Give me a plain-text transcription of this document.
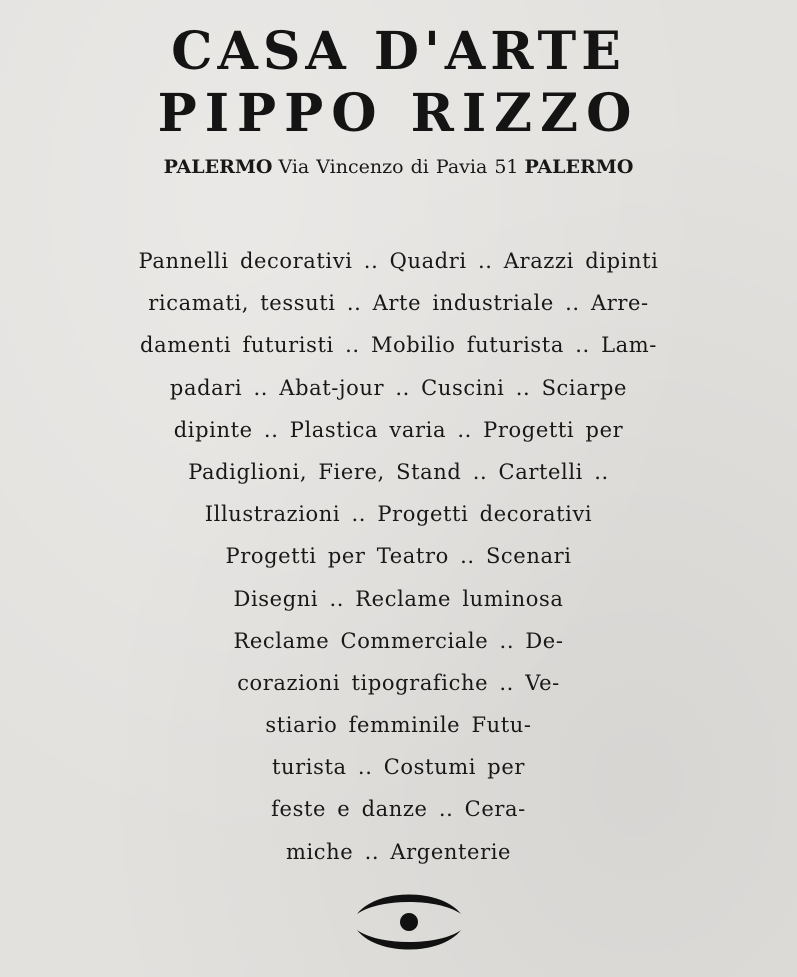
CASA D'ARTE
PIPPO RIZZO
PALERMO Via Vincenzo di Pavia 51 PALERMO
Pannelli decorativi .. Quadri .. Arazzi dipinti
ricamati, tessuti .. Arte industriale .. Arre-
damenti futuristi .. Mobilio futurista .. Lam-
padari .. Abat-jour .. Cuscini .. Sciarpe
dipinte .. Plastica varia .. Progetti per
Padiglioni, Fiere, Stand .. Cartelli ..
Illustrazioni .. Progetti decorativi
Progetti per Teatro .. Scenari
Disegni .. Reclame luminosa
Reclame Commerciale .. De-
corazioni tipografiche .. Ve-
stiario femminile Futu-
turista .. Costumi per
feste e danze .. Cera-
miche .. Argenterie
